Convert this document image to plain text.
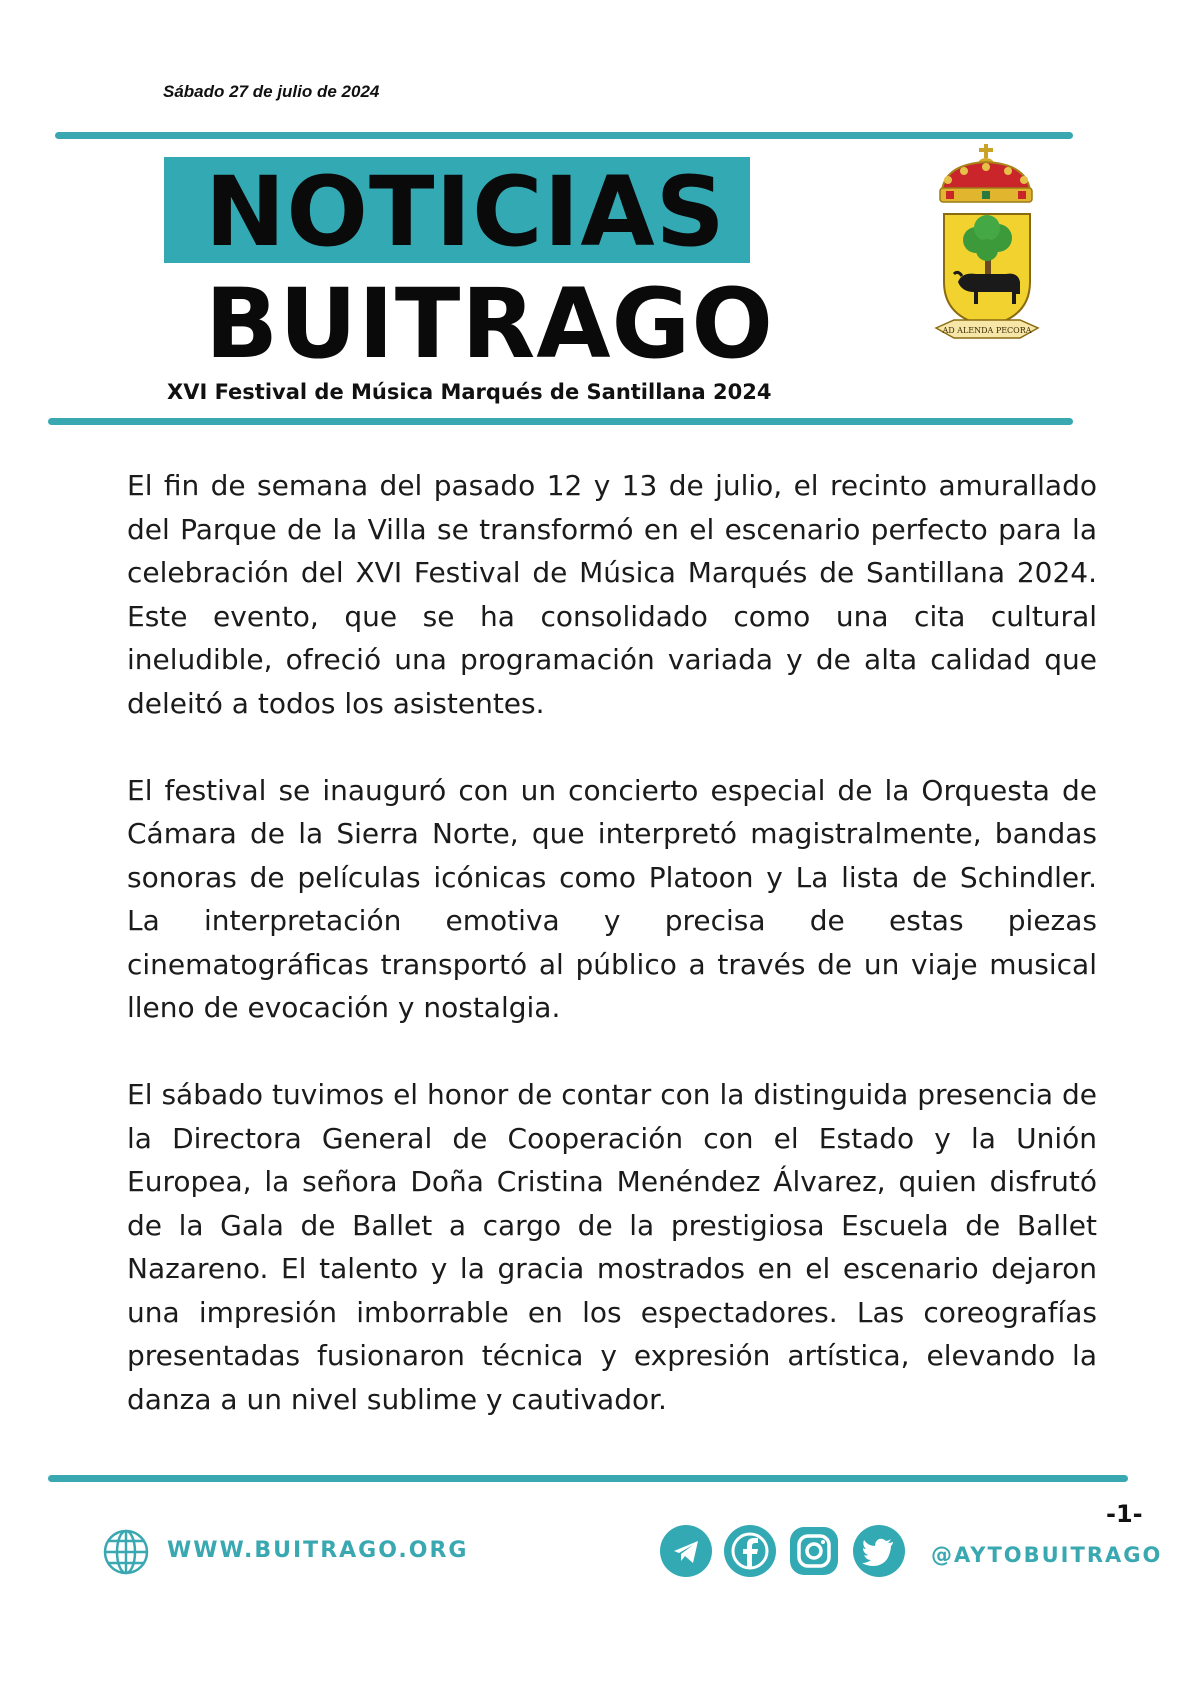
Sábado 27 de julio de 2024
NOTICIAS
BUITRAGO	AD ALENDA PECORA
XVI Festival de Música Marqués de Santillana 2024

El fin de semana del pasado 12 y 13 de julio, el recinto amurallado del Parque de la Villa se transformó en el escenario perfecto para la celebración del XVI Festival de Música Marqués de Santillana 2024. Este evento, que se ha consolidado como una cita cultural ineludible, ofreció una programación variada y de alta calidad que deleitó a todos los asistentes.

El festival se inauguró con un concierto especial de la Orquesta de Cámara de la Sierra Norte, que interpretó magistralmente, bandas sonoras de películas icónicas como Platoon y La lista de Schindler. La interpretación emotiva y precisa de estas piezas cinematográficas transportó al público a través de un viaje musical lleno de evocación y nostalgia.

El sábado tuvimos el honor de contar con la distinguida presencia de la Directora General de Cooperación con el Estado y la Unión Europea, la señora Doña Cristina Menéndez Álvarez, quien disfrutó de la Gala de Ballet a cargo de la prestigiosa Escuela de Ballet Nazareno. El talento y la gracia mostrados en el escenario dejaron una impresión imborrable en los espectadores. Las coreografías presentadas fusionaron técnica y expresión artística, elevando la danza a un nivel sublime y cautivador.

-1-
WWW.BUITRAGO.ORG	@AYTOBUITRAGO
